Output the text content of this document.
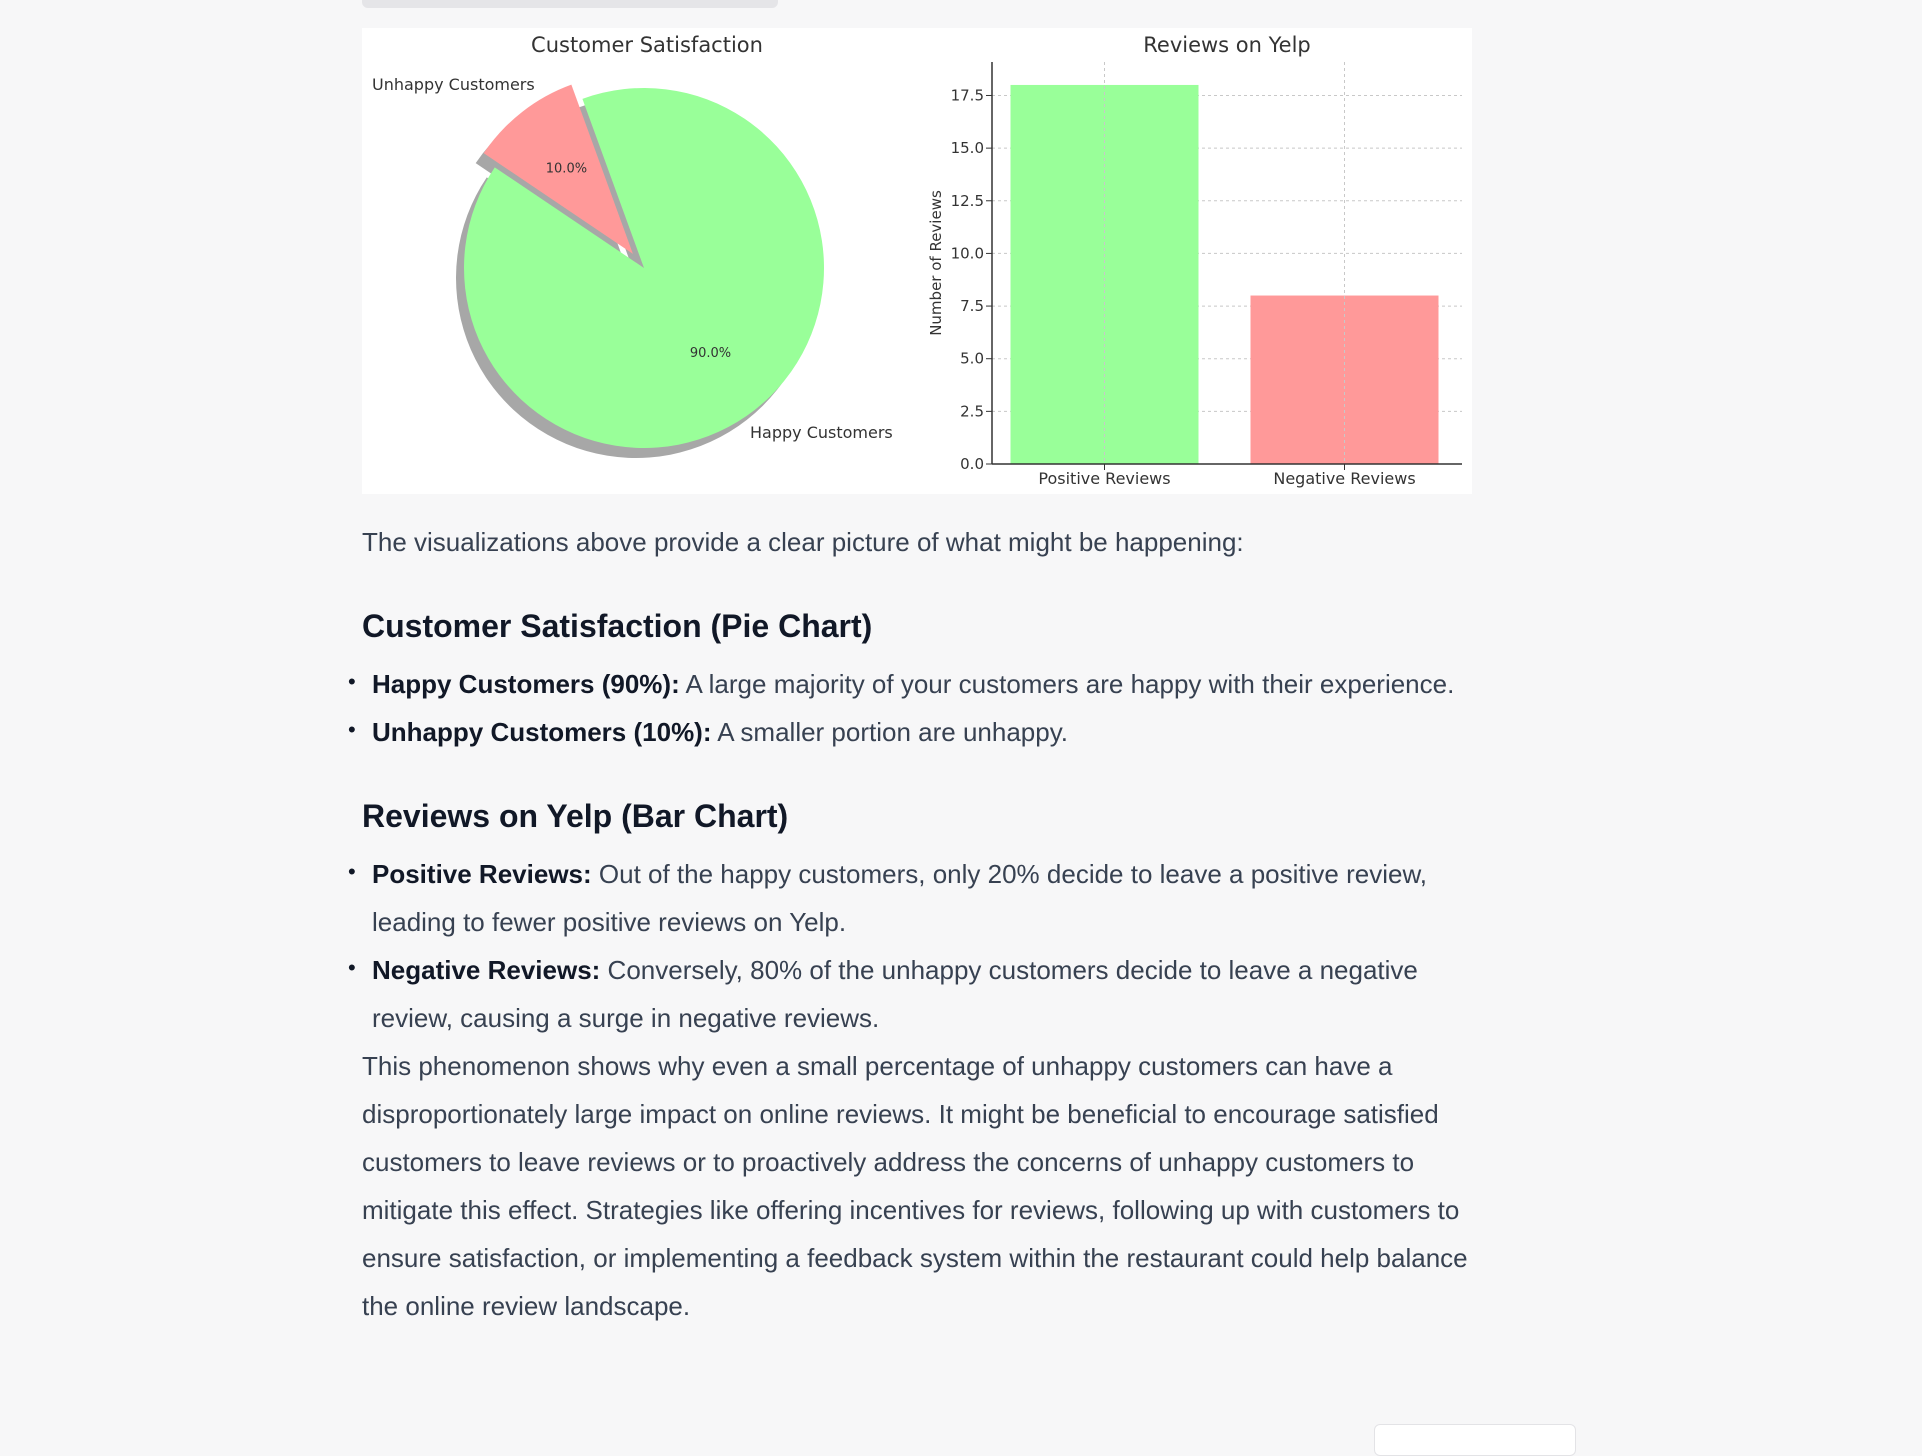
Customer Satisfaction
90.0%
10.0%
Unhappy Customers
Happy Customers
Reviews on Yelp
0.0
2.5
5.0
7.5
10.0
12.5
15.0
17.5
Positive Reviews	Negative Reviews
Number of Reviews

The visualizations above provide a clear picture of what might be happening:

Customer Satisfaction (Pie Chart)
• Happy Customers (90%): A large majority of your customers are happy with their experience.
• Unhappy Customers (10%): A smaller portion are unhappy.
Reviews on Yelp (Bar Chart)
• Positive Reviews: Out of the happy customers, only 20% decide to leave a positive review, leading to fewer positive reviews on Yelp.
• Negative Reviews: Conversely, 80% of the unhappy customers decide to leave a negative review, causing a surge in negative reviews.

This phenomenon shows why even a small percentage of unhappy customers can have a disproportionately large impact on online reviews. It might be beneficial to encourage satisfied customers to leave reviews or to proactively address the concerns of unhappy customers to mitigate this effect. Strategies like offering incentives for reviews, following up with customers to ensure satisfaction, or implementing a feedback system within the restaurant could help balance the online review landscape.
